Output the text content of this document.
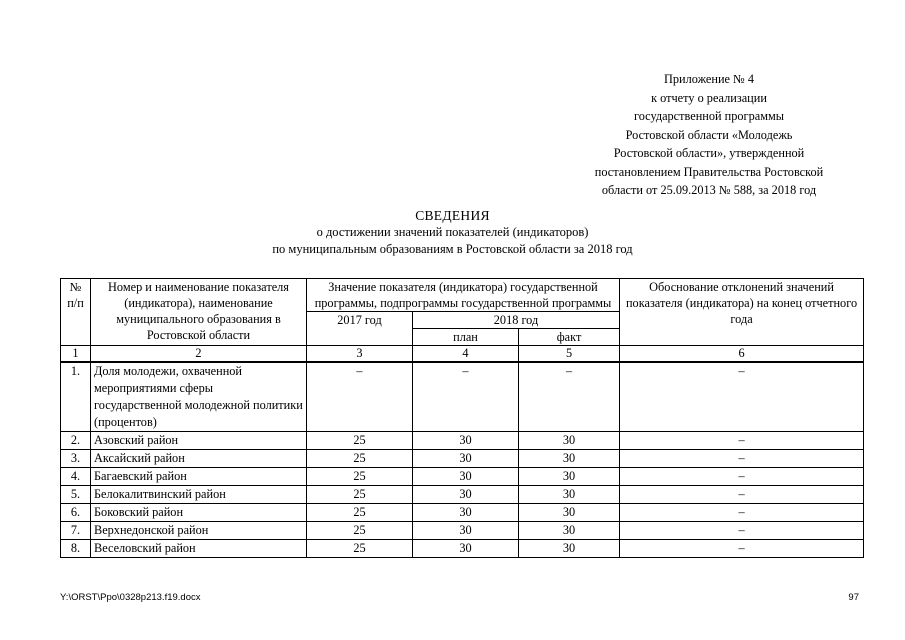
Приложение № 4
к отчету о реализации
государственной программы
Ростовской области «Молодежь
Ростовской области», утвержденной
постановлением Правительства Ростовской
области от 25.09.2013 № 588, за 2018 год
СВЕДЕНИЯ
о достижении значений показателей (индикаторов)
по муниципальным образованиям в Ростовской области за 2018 год
№ п/п	Номер и наименование показателя (индикатора), наименование муниципального образования в Ростовской области	Значение показателя (индикатора) государственной программы, подпрограммы государственной программы			Обоснование отклонений значений показателя (индикатора) на конец отчетного года
		2017 год	2018 год		
			план	факт	
1	2	3	4	5	6
1.	Доля молодежи, охваченной мероприятиями сферы государственной молодежной политики (процентов)	–	–	–	–
2.	Азовский район	25	30	30	–
3.	Аксайский район	25	30	30	–
4.	Багаевский район	25	30	30	–
5.	Белокалитвинский район	25	30	30	–
6.	Боковский район	25	30	30	–
7.	Верхнедонской район	25	30	30	–
8.	Веселовский район	25	30	30	–
Y:\ORST\Ppo\0328p213.f19.docx	97
